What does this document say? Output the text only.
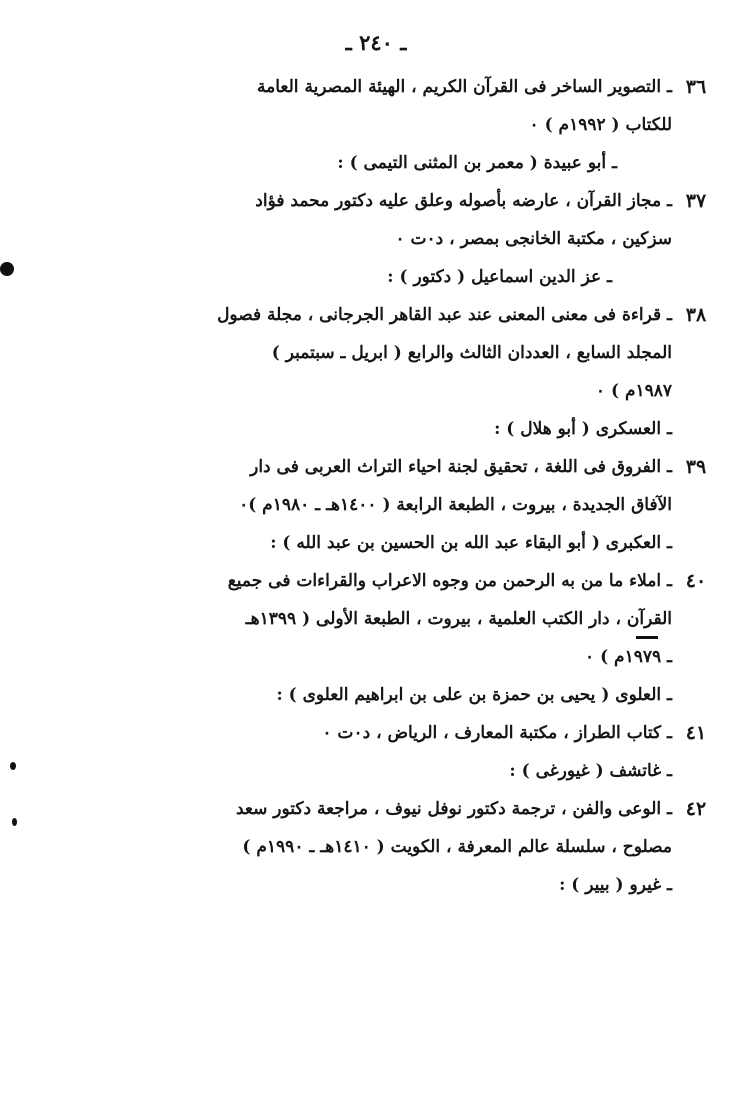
ـ ٢٤٠ ـ
٣٦
ـ التصوير الساخر فى القرآن الكريم ، الهيئة المصرية العامة
للكتاب ( ١٩٩٢م ) ٠
ـ أبو عبيدة ( معمر بن المثنى التيمى ) :
٣٧
ـ مجاز القرآن ، عارضه بأصوله وعلق عليه دكتور محمد فؤاد
سزكين ، مكتبة الخانجى بمصر ، د٠ت ٠
ـ عز الدين اسماعيل ( دكتور ) :
٣٨
ـ قراءة فى معنى المعنى عند عبد القاهر الجرجانى ، مجلة فصول
المجلد السابع ، العددان الثالث والرابع ( ابريل ـ سبتمبر )
١٩٨٧م ) ٠
ـ العسكرى ( أبو هلال ) :
٣٩
ـ الفروق فى اللغة ، تحقيق لجنة احياء التراث العربى فى دار
الآفاق الجديدة ، بيروت ، الطبعة الرابعة ( ١٤٠٠هـ ـ ١٩٨٠م )٠
ـ العكبرى ( أبو البقاء عبد الله بن الحسين بن عبد الله ) :
٤٠
ـ املاء ما من به الرحمن من وجوه الاعراب والقراءات فى جميع
القرآن ، دار الكتب العلمية ، بيروت ، الطبعة الأولى ( ١٣٩٩هـ
ـ ١٩٧٩م ) ٠
ـ العلوى ( يحيى بن حمزة بن على بن ابراهيم العلوى ) :
٤١
ـ كتاب الطراز ، مكتبة المعارف ، الرياض ، د٠ت ٠
ـ غاتشف ( غيورغى ) :
٤٢
ـ الوعى والفن ، ترجمة دكتور نوفل نيوف ، مراجعة دكتور سعد
مصلوح ، سلسلة عالم المعرفة ، الكويت ( ١٤١٠هـ ـ ١٩٩٠م )
ـ غيرو ( بيير ) :
